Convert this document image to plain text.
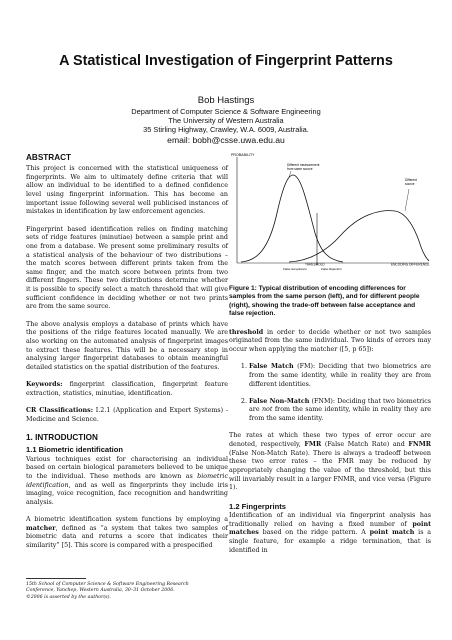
A Statistical Investigation of Fingerprint Patterns
Bob Hastings
Department of Computer Science & Software Engineering
The University of Western Australia
35 Stirling Highway, Crawley, W.A. 6009, Australia.
email: bobh@csse.uwa.edu.au
ABSTRACT

This project is concerned with the statistical uniqueness of fingerprints. We aim to ultimately define criteria that will allow an individual to be identified to a defined confidence level using fingerprint information. This has become an important issue following several well publicised instances of mistakes in identification by law enforcement agencies.

Fingerprint based identification relies on finding matching sets of ridge features (minutiae) between a sample print and one from a database. We present some preliminary results of a statistical analysis of the behaviour of two distributions – the match scores between different prints taken from the same finger, and the match score between prints from two different fingers. These two distributions determine whether it is possible to specify select a match threshold that will give sufficient confidence in deciding whether or not two prints are from the same source.

The above analysis employs a database of prints which have the positions of the ridge features located manually. We are also working on the automated analysis of fingerprint images to extract these features. This will be a necessary step in analysing larger fingerprint databases to obtain meaningful detailed statistics on the spatial distribution of the features.

Keywords: fingerprint classification, fingerprint feature extraction, statistics, minutiae, identification.

CR Classifications: I.2.1 (Application and Expert Systems) - Medicine and Science.

1. INTRODUCTION
1.1 Biometric identification

Various techniques exist for characterising an individual based on certain biological parameters believed to be unique to the individual. These methods are known as biometric identification, and as well as fingerprints they include iris imaging, voice recognition, face recognition and handwriting analysis.

A biometric identification system functions by employing a matcher, defined as “a system that takes two samples of biometric data and returns a score that indicates their similarity” [5]. This score is compared with a prespecified

15th School of Computer Science & Software Engineering Research
Conference, Yanchep, Western Australia, 30–31 October 2006.
©2006 is asserted by the author(s).
PROBABILITY
Different measurement from same source
Different source
THRESHOLD	ENCODING DIFFERENCE
False Acceptance	False Rejection
Figure 1: Typical distribution of encoding differences for samples from the same person (left), and for different people (right), showing the trade-off between false acceptance and false rejection.

threshold in order to decide whether or not two samples originated from the same individual. Two kinds of errors may occur when applying the matcher ([5, p 65]):

1. False Match (FM): Deciding that two biometrics are from the same identity, while in reality they are from different identities.
2. False Non-Match (FNM): Deciding that two biometrics are not from the same identity, while in reality they are from the same identity.

The rates at which these two types of error occur are denoted, respectively, FMR (False Match Rate) and FNMR (False Non-Match Rate). There is always a tradeoff between these two error rates – the FMR may be reduced by appropriately changing the value of the threshold, but this will invariably result in a larger FNMR, and vice versa (Figure 1).

1.2 Fingerprints

Identification of an individual via fingerprint analysis has traditionally relied on having a fixed number of point matches based on the ridge pattern. A point match is a single feature, for example a ridge termination, that is identified in
